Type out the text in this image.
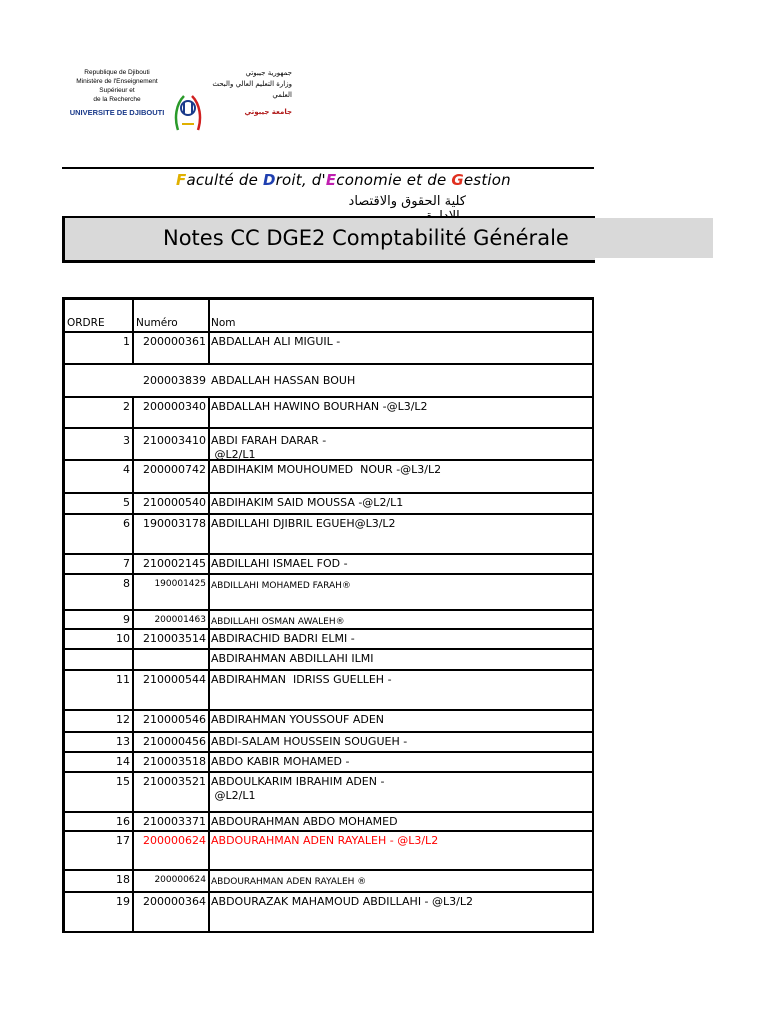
Republique de Djibouti
Ministère de l'Enseignement Supérieur et
de la Recherche
UNIVERSITE DE DJIBOUTI
جمهورية جيبوتي
وزارة التعليم العالي والبحث العلمي
جامعة جيبوتي
Faculté de Droit, d'Economie et de Gestion
كلية الحقوق والاقتصاد
Notes CC DGE2 Comptabilité Générale
ORDRE	Numéro	Nom
1 200000361 ABDALLAH ALI MIGUIL -
200003839 ABDALLAH HASSAN BOUH
2 200000340 ABDALLAH HAWINO BOURHAN -@L3/L2
3 210003410 ABDI FARAH DARAR -
@L2/L1
4 200000742 ABDIHAKIM MOUHOUMED  NOUR -@L3/L2
5 210000540 ABDIHAKIM SAID MOUSSA -@L2/L1
6 190003178 ABDILLAHI DJIBRIL EGUEH@L3/L2
7 210002145 ABDILLAHI ISMAEL FOD -
8	190001425 ABDILLAHI MOHAMED FARAH®
9	200001463 ABDILLAHI OSMAN AWALEH®
10 210003514 ABDIRACHID BADRI ELMI -
ABDIRAHMAN ABDILLAHI ILMI
11 210000544 ABDIRAHMAN  IDRISS GUELLEH -
12 210000546 ABDIRAHMAN YOUSSOUF ADEN
13 210000456 ABDI-SALAM HOUSSEIN SOUGUEH -
14 210003518 ABDO KABIR MOHAMED -
15 210003521 ABDOULKARIM IBRAHIM ADEN -
@L2/L1
16 210003371 ABDOURAHMAN ABDO MOHAMED
17 200000624 ABDOURAHMAN ADEN RAYALEH - @L3/L2
18	200000624 ABDOURAHMAN ADEN RAYALEH ®
19 200000364 ABDOURAZAK MAHAMOUD ABDILLAHI - @L3/L2
